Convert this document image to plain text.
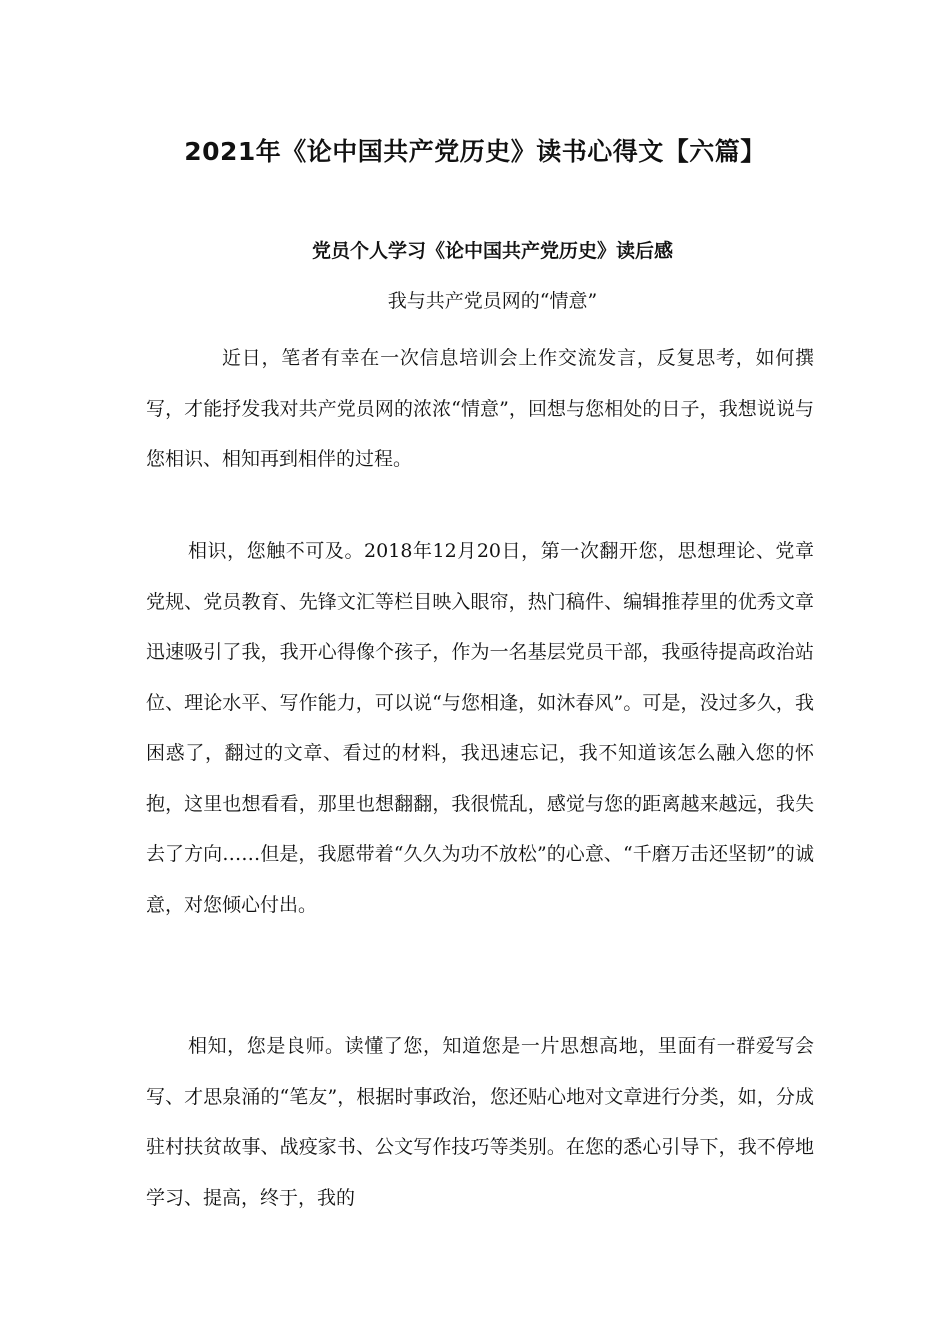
2021年《论中国共产党历史》读书心得文【六篇】
党员个人学习《论中国共产党历史》读后感
我与共产党员网的“情意”

近日，笔者有幸在一次信息培训会上作交流发言，反复思考，如何撰写，才能抒发我对共产党员网的浓浓“情意”，回想与您相处的日子，我想说说与您相识、相知再到相伴的过程。

相识，您触不可及。2018年12月20日，第一次翻开您，思想理论、党章党规、党员教育、先锋文汇等栏目映入眼帘，热门稿件、编辑推荐里的优秀文章迅速吸引了我，我开心得像个孩子，作为一名基层党员干部，我亟待提高政治站位、理论水平、写作能力，可以说“与您相逢，如沐春风”。可是，没过多久，我困惑了，翻过的文章、看过的材料，我迅速忘记，我不知道该怎么融入您的怀抱，这里也想看看，那里也想翻翻，我很慌乱，感觉与您的距离越来越远，我失去了方向……但是，我愿带着“久久为功不放松”的心意、“千磨万击还坚韧”的诚意，对您倾心付出。

相知，您是良师。读懂了您，知道您是一片思想高地，里面有一群爱写会写、才思泉涌的“笔友”，根据时事政治，您还贴心地对文章进行分类，如，分成驻村扶贫故事、战疫家书、公文写作技巧等类别。在您的悉心引导下，我不停地学习、提高，终于，我的
